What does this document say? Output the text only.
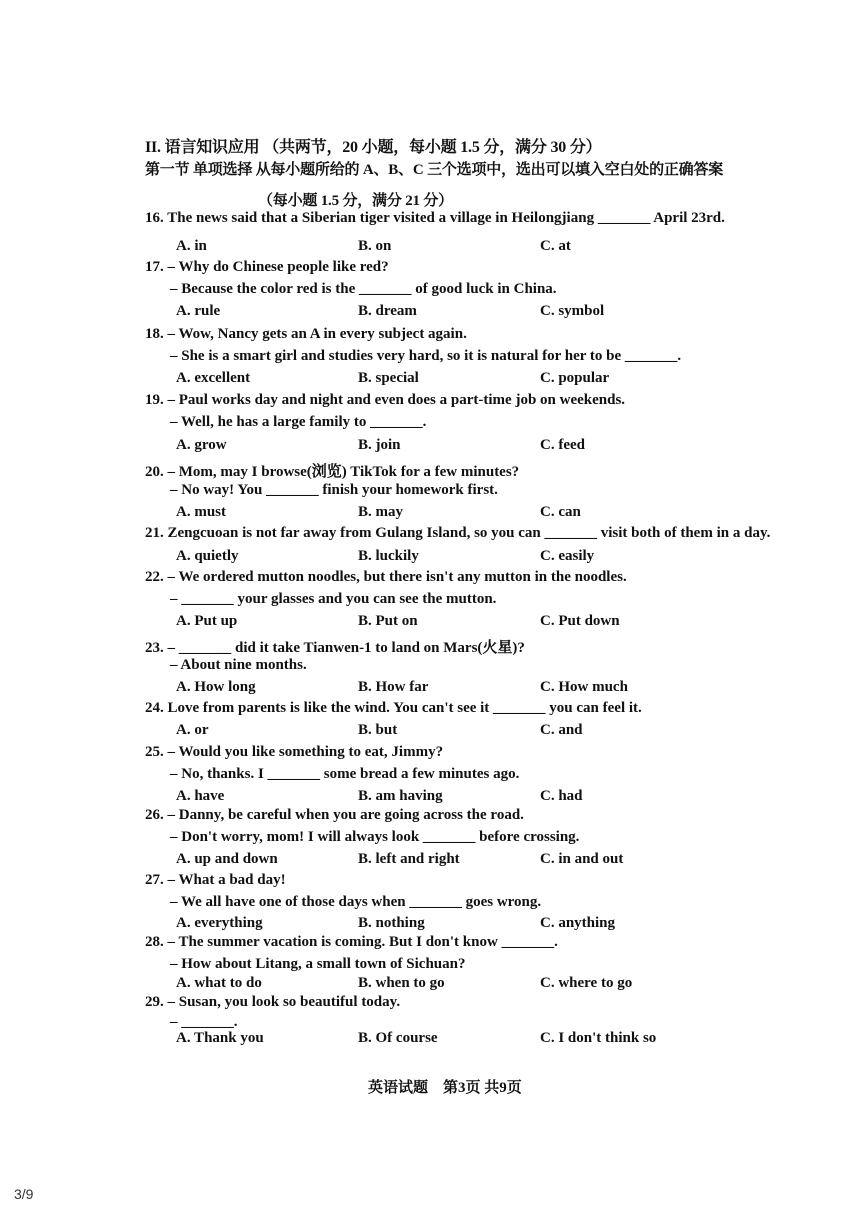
II. 语言知识应用 （共两节，20 小题，每小题 1.5 分，满分 30 分）
第一节 单项选择 从每小题所给的 A、B、C 三个选项中，选出可以填入空白处的正确答案
（每小题 1.5 分，满分 21 分）
16. The news said that a Siberian tiger visited a village in Heilongjiang _______ April 23rd.
A. in	B. on	C. at
17. – Why do Chinese people like red?
– Because the color red is the _______ of good luck in China.
A. rule	B. dream	C. symbol
18. – Wow, Nancy gets an A in every subject again.
– She is a smart girl and studies very hard, so it is natural for her to be _______.
A. excellent	B. special	C. popular
19. – Paul works day and night and even does a part-time job on weekends.
– Well, he has a large family to _______.
A. grow	B. join	C. feed
20. – Mom, may I browse(浏览) TikTok for a few minutes?
– No way! You _______ finish your homework first.
A. must	B. may	C. can
21. Zengcuoan is not far away from Gulang Island, so you can _______ visit both of them in a day.
A. quietly	B. luckily	C. easily
22. – We ordered mutton noodles, but there isn't any mutton in the noodles.
– _______ your glasses and you can see the mutton.
A. Put up	B. Put on	C. Put down
23. – _______ did it take Tianwen-1 to land on Mars(火星)?
– About nine months.
A. How long	B. How far	C. How much
24. Love from parents is like the wind. You can't see it _______ you can feel it.
A. or	B. but	C. and
25. – Would you like something to eat, Jimmy?
– No, thanks. I _______ some bread a few minutes ago.
A. have	B. am having	C. had
26. – Danny, be careful when you are going across the road.
– Don't worry, mom! I will always look _______ before crossing.
A. up and down	B. left and right	C. in and out
27. – What a bad day!
– We all have one of those days when _______ goes wrong.
A. everything	B. nothing	C. anything
28. – The summer vacation is coming. But I don't know _______.
– How about Litang, a small town of Sichuan?
A. what to do	B. when to go	C. where to go
29. – Susan, you look so beautiful today.
– _______.
A. Thank you	B. Of course	C. I don't think so
英语试题　第3页 共9页
3/9
